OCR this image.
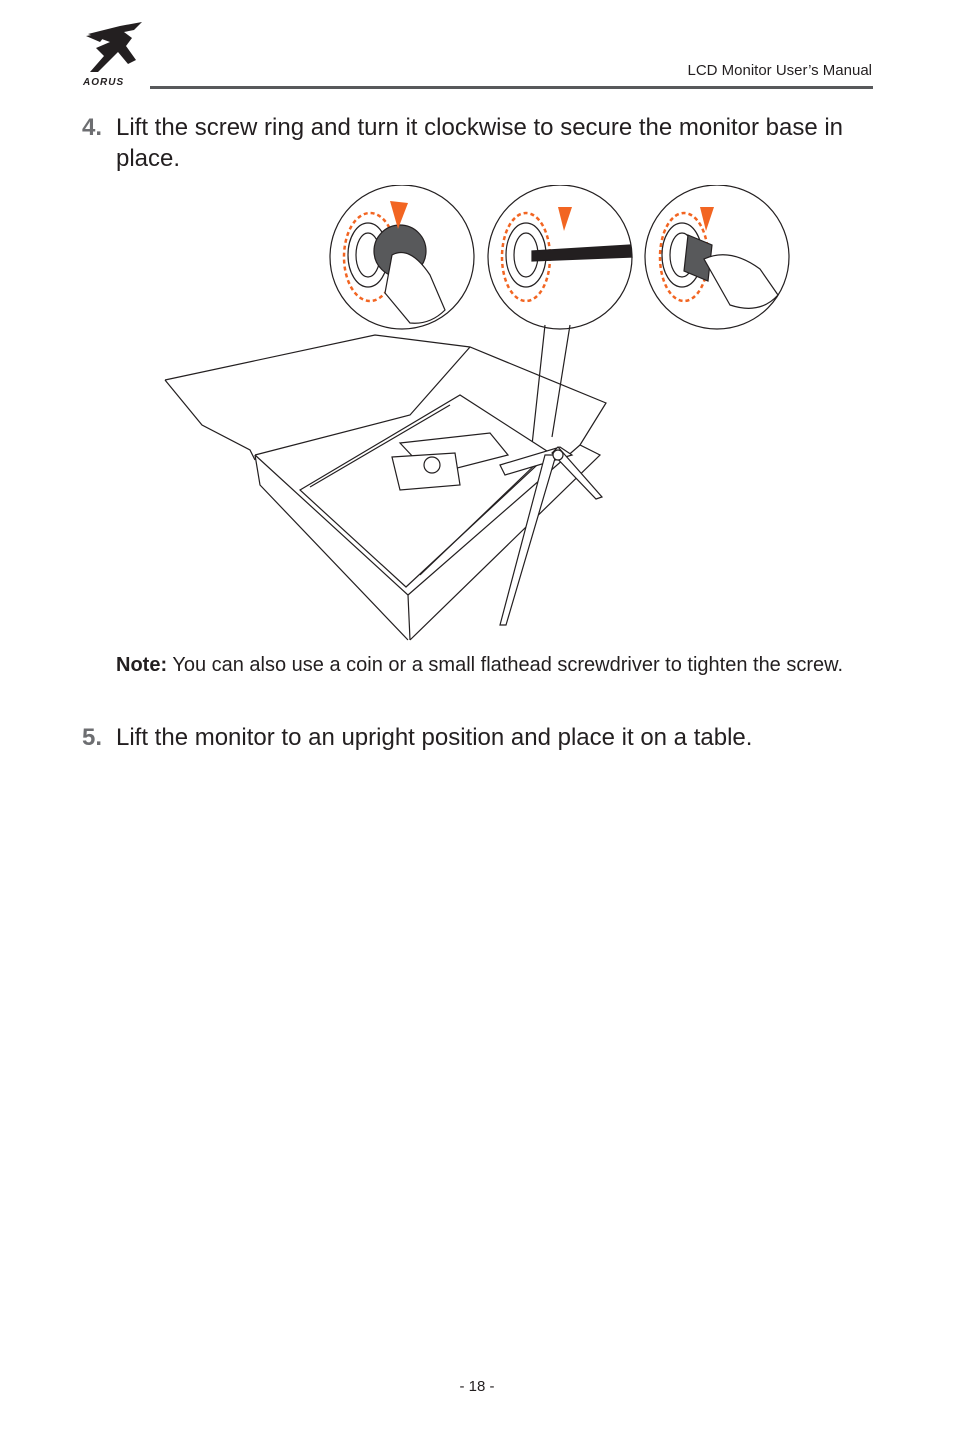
AORUS
LCD Monitor User’s Manual
4. Lift the screw ring and turn it clockwise to secure the monitor base in place.
Note: You can also use a coin or a small flathead screwdriver to tighten the screw.
5. Lift the monitor to an upright position and place it on a table.
- 18 -
